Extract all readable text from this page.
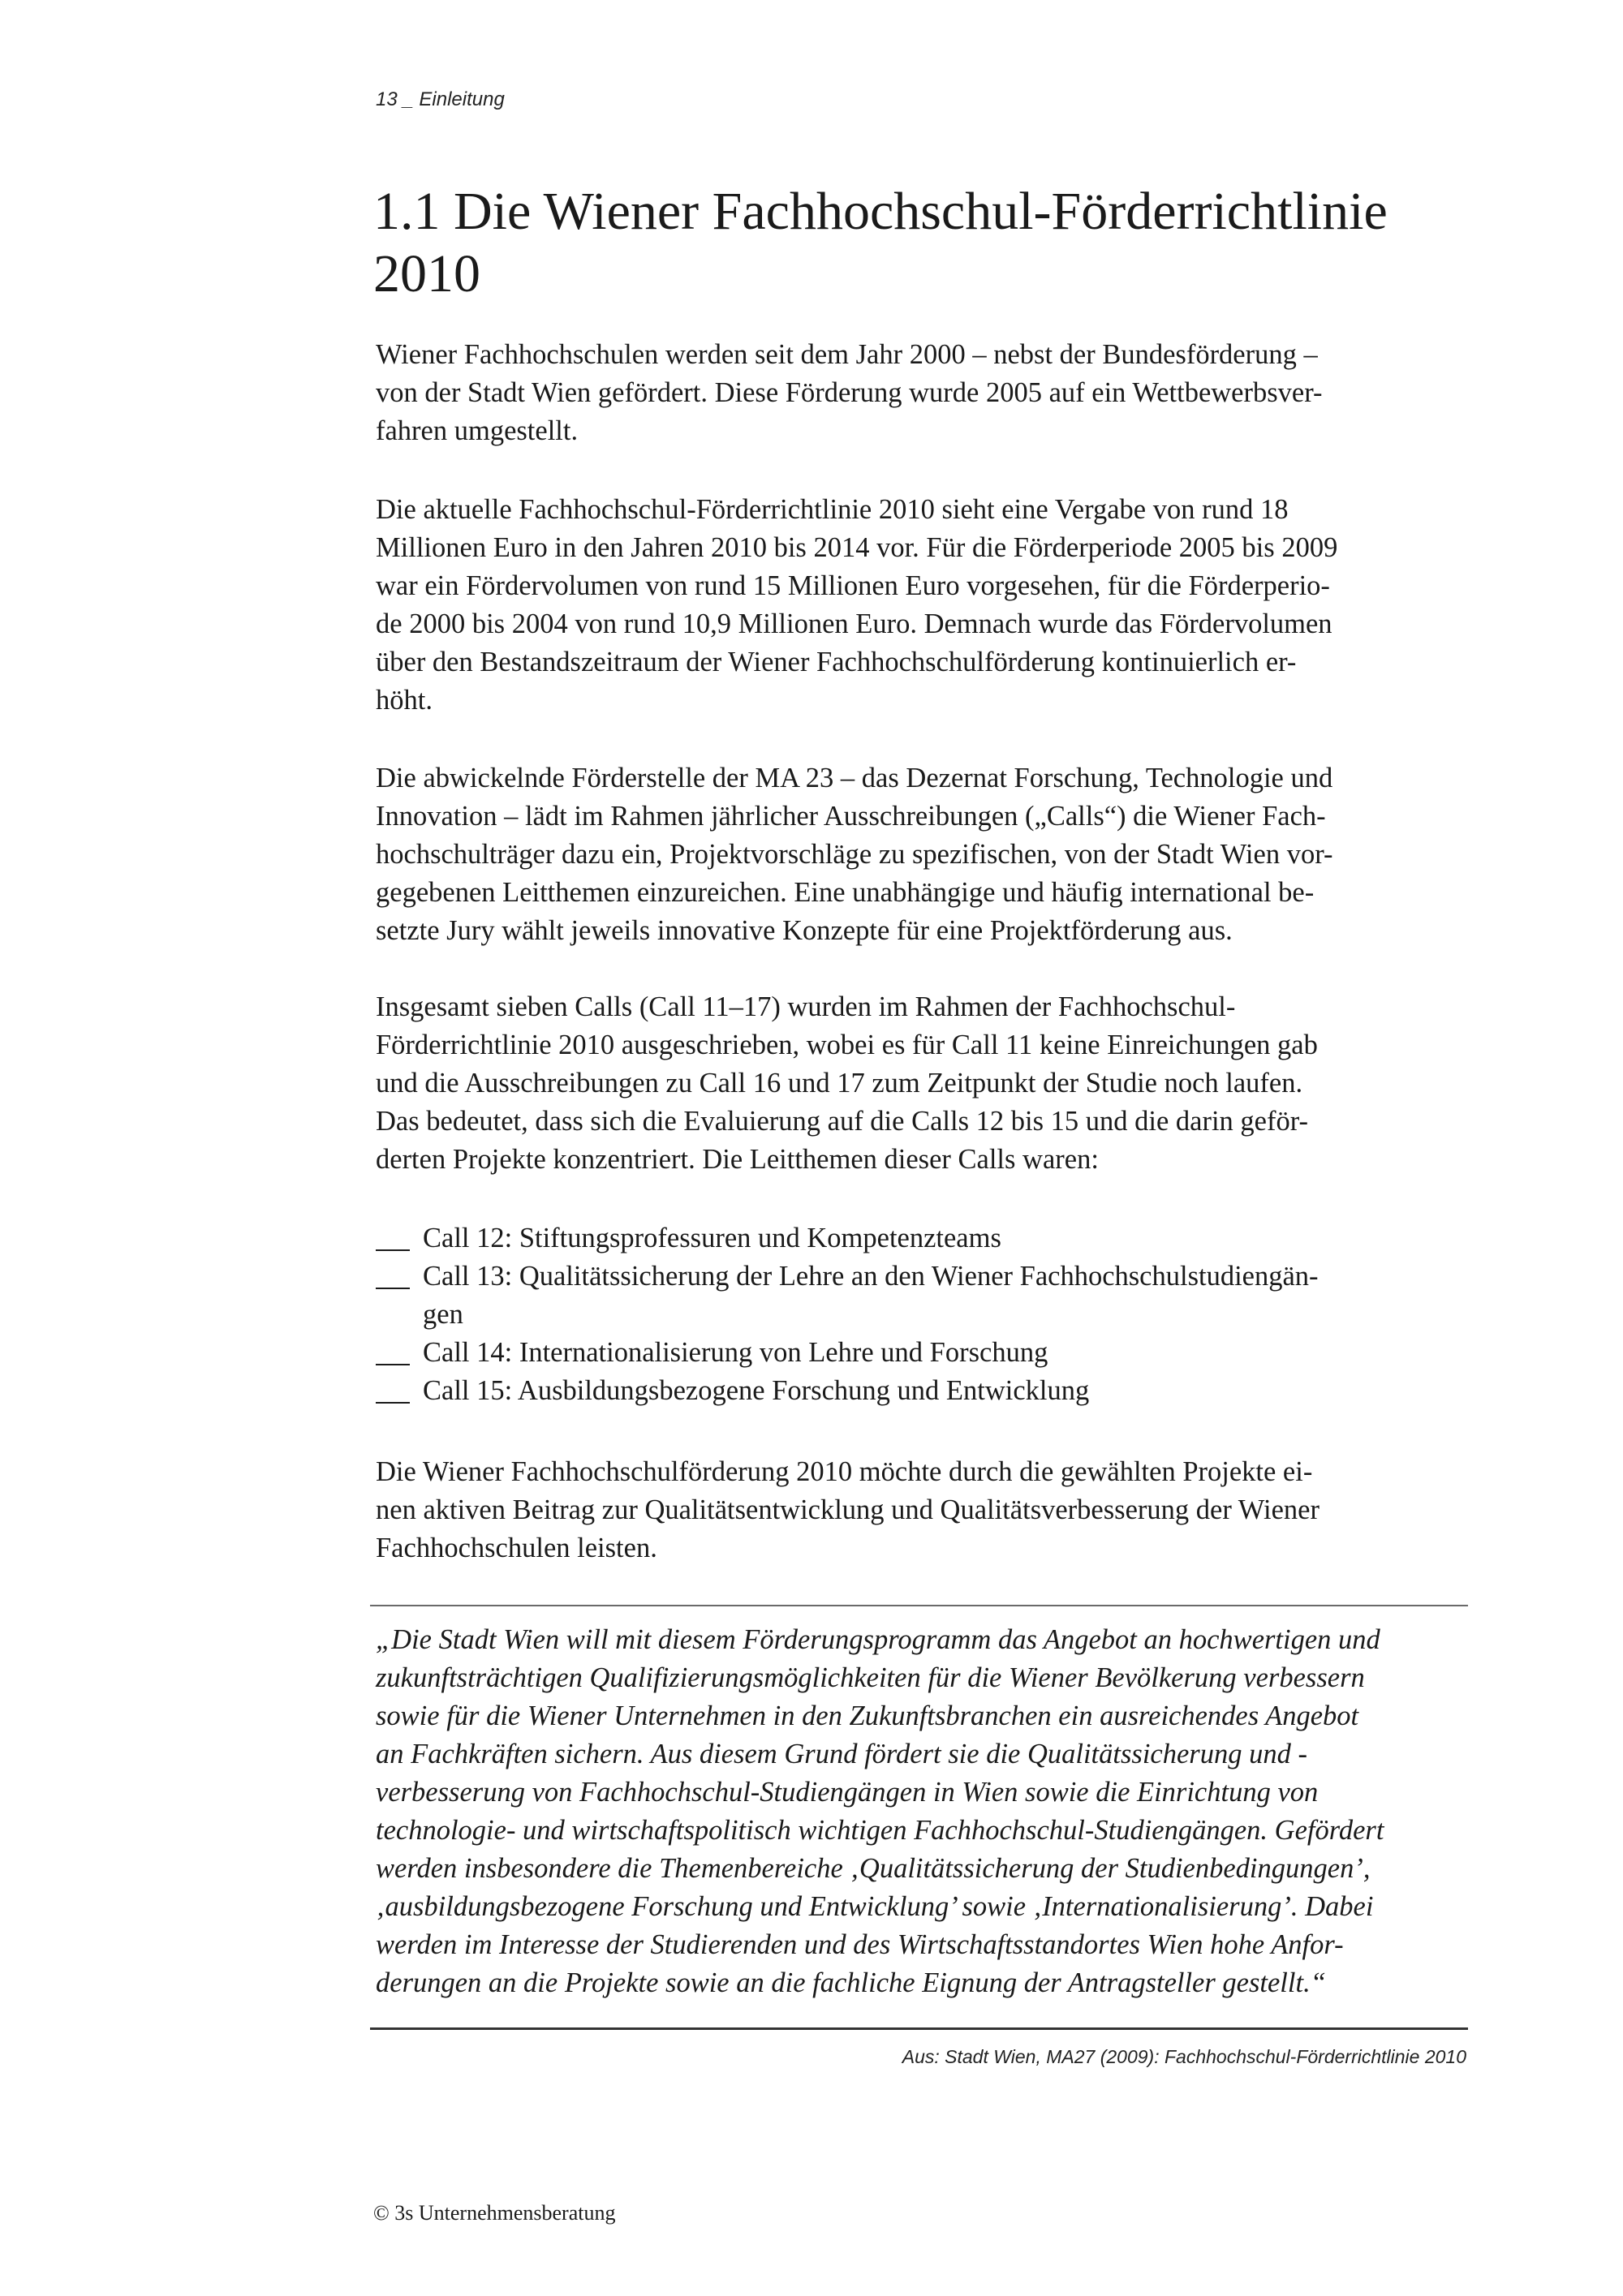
13 _ Einleitung
1.1 Die Wiener Fachhochschul-Förderrichtlinie 2010

Wiener Fachhochschulen werden seit dem Jahr 2000 – nebst der Bundesförderung –
von der Stadt Wien gefördert. Diese Förderung wurde 2005 auf ein Wettbewerbsver-
fahren umgestellt.

Die aktuelle Fachhochschul-Förderrichtlinie 2010 sieht eine Vergabe von rund 18
Millionen Euro in den Jahren 2010 bis 2014 vor. Für die Förderperiode 2005 bis 2009
war ein Fördervolumen von rund 15 Millionen Euro vorgesehen, für die Förderperio-
de 2000 bis 2004 von rund 10,9 Millionen Euro. Demnach wurde das Fördervolumen
über den Bestandszeitraum der Wiener Fachhochschulförderung kontinuierlich er-
höht.

Die abwickelnde Förderstelle der MA 23 – das Dezernat Forschung, Technologie und
Innovation – lädt im Rahmen jährlicher Ausschreibungen („Calls“) die Wiener Fach-
hochschulträger dazu ein, Projektvorschläge zu spezifischen, von der Stadt Wien vor-
gegebenen Leitthemen einzureichen. Eine unabhängige und häufig international be-
setzte Jury wählt jeweils innovative Konzepte für eine Projektförderung aus.

Insgesamt sieben Calls (Call 11–17) wurden im Rahmen der Fachhochschul-
Förderrichtlinie 2010 ausgeschrieben, wobei es für Call 11 keine Einreichungen gab
und die Ausschreibungen zu Call 16 und 17 zum Zeitpunkt der Studie noch laufen.
Das bedeutet, dass sich die Evaluierung auf die Calls 12 bis 15 und die darin geför-
derten Projekte konzentriert. Die Leitthemen dieser Calls waren:

Call 12: Stiftungsprofessuren und Kompetenzteams
Call 13: Qualitätssicherung der Lehre an den Wiener Fachhochschulstudiengän-
gen
Call 14: Internationalisierung von Lehre und Forschung
Call 15: Ausbildungsbezogene Forschung und Entwicklung

Die Wiener Fachhochschulförderung 2010 möchte durch die gewählten Projekte ei-
nen aktiven Beitrag zur Qualitätsentwicklung und Qualitätsverbesserung der Wiener
Fachhochschulen leisten.

„Die Stadt Wien will mit diesem Förderungsprogramm das Angebot an hochwertigen und
zukunftsträchtigen Qualifizierungsmöglichkeiten für die Wiener Bevölkerung verbessern
sowie für die Wiener Unternehmen in den Zukunftsbranchen ein ausreichendes Angebot
an Fachkräften sichern. Aus diesem Grund fördert sie die Qualitätssicherung und -
verbesserung von Fachhochschul-Studiengängen in Wien sowie die Einrichtung von
technologie- und wirtschaftspolitisch wichtigen Fachhochschul-Studiengängen. Gefördert
werden insbesondere die Themenbereiche ‚Qualitätssicherung der Studienbedingungen’,
‚ausbildungsbezogene Forschung und Entwicklung’ sowie ‚Internationalisierung’. Dabei
werden im Interesse der Studierenden und des Wirtschaftsstandortes Wien hohe Anfor-
derungen an die Projekte sowie an die fachliche Eignung der Antragsteller gestellt.“
Aus: Stadt Wien, MA27 (2009): Fachhochschul-Förderrichtlinie 2010
© 3s Unternehmensberatung
